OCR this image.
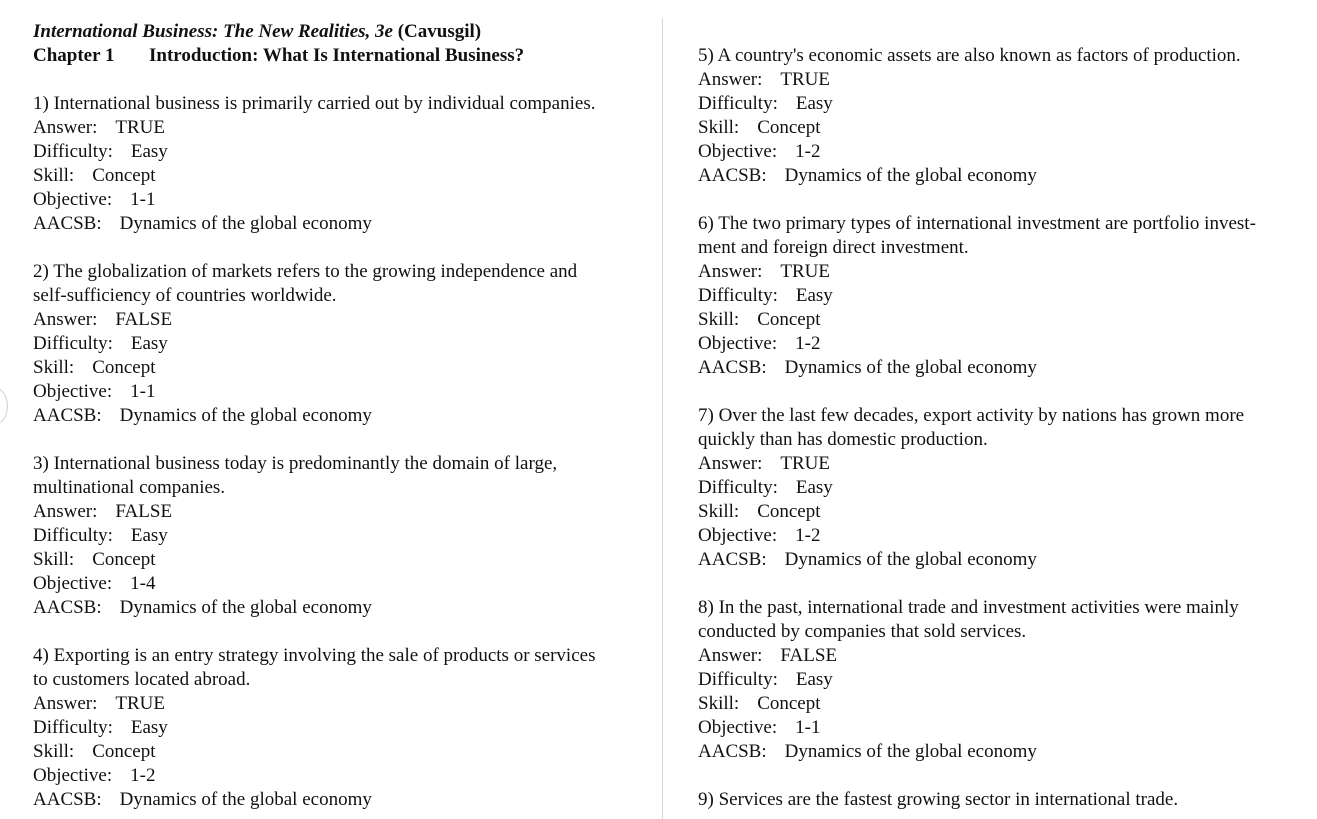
International Business: The New Realities, 3e (Cavusgil)
Chapter 1 Introduction: What Is International Business?
1) International business is primarily carried out by individual companies.
Answer: TRUE
Difficulty: Easy
Skill: Concept
Objective: 1-1
AACSB: Dynamics of the global economy
2) The globalization of markets refers to the growing independence and
self-sufficiency of countries worldwide.
Answer: FALSE
Difficulty: Easy
Skill: Concept
Objective: 1-1
AACSB: Dynamics of the global economy
3) International business today is predominantly the domain of large,
multinational companies.
Answer: FALSE
Difficulty: Easy
Skill: Concept
Objective: 1-4
AACSB: Dynamics of the global economy
4) Exporting is an entry strategy involving the sale of products or services
to customers located abroad.
Answer: TRUE
Difficulty: Easy
Skill: Concept
Objective: 1-2
AACSB: Dynamics of the global economy
5) A country's economic assets are also known as factors of production.
Answer: TRUE
Difficulty: Easy
Skill: Concept
Objective: 1-2
AACSB: Dynamics of the global economy
6) The two primary types of international investment are portfolio invest-
ment and foreign direct investment.
Answer: TRUE
Difficulty: Easy
Skill: Concept
Objective: 1-2
AACSB: Dynamics of the global economy
7) Over the last few decades, export activity by nations has grown more
quickly than has domestic production.
Answer: TRUE
Difficulty: Easy
Skill: Concept
Objective: 1-2
AACSB: Dynamics of the global economy
8) In the past, international trade and investment activities were mainly
conducted by companies that sold services.
Answer: FALSE
Difficulty: Easy
Skill: Concept
Objective: 1-1
AACSB: Dynamics of the global economy
9) Services are the fastest growing sector in international trade.
